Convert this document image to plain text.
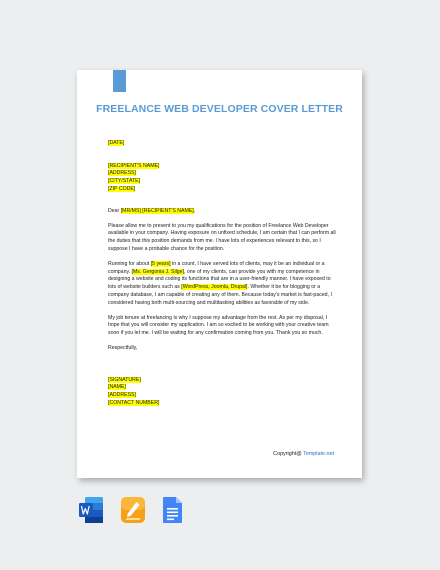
FREELANCE WEB DEVELOPER COVER LETTER
[DATE]
[RECIPIENT'S NAME]
[ADDRESS]
[CITY/STATE]
[ZIP CODE]

Dear [MR/MS] [RECIPIENT'S NAME],

Please allow me to present to you my qualifications for the position of Freelance Web Developer available in your company. Having exposure on unfixed schedule, I am certain that I can perform all the duties that this position demands from me. I have lots of experiences relevant to this, so I suppose I have a probable chance for the position.

Running for about [5 years] in a count, I have served lots of clients, may it be an individual or a company. [Ms. Gergonia J. Silge], one of my clients, can provide you with my competence in designing a website and coding its functions that are in a user-friendly manner. I have exposed to lots of website builders such as [WordPress, Joomla, Drupal]. Whether it be for blogging or a company database, I am capable of creating any of them. Because today's market is fast-paced, I considered having both multi-sourcing and multitasking abilities as favorable of my side.

My job tenure at freelancing is why I suppose my advantage from the rest. As per my disposal, I hope that you will consider my application. I am so excited to be working with your creative team soon if you let me. I will be waiting for any confirmation coming from you. Thank you so much.

Respectfully,

[SIGNATURE]
[NAME]
[ADDRESS]
[CONTACT NUMBER]
Copyright@ Template.net
